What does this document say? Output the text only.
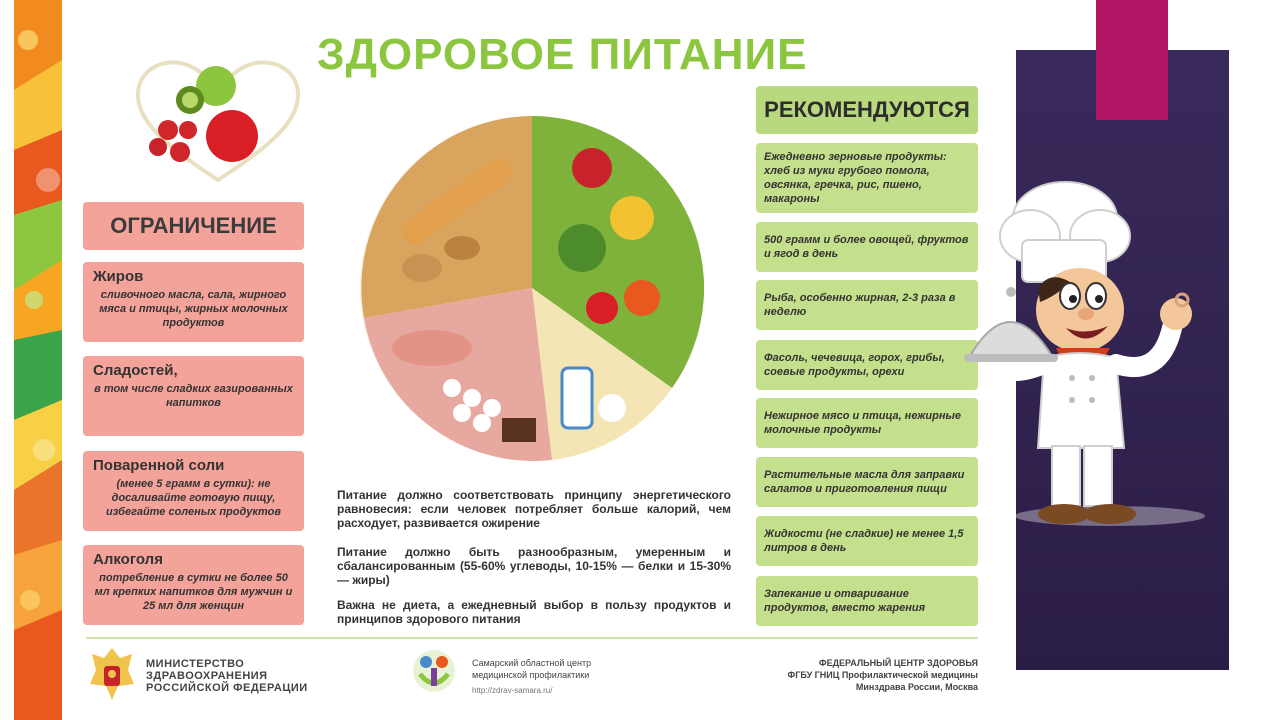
ЗДОРОВОЕ ПИТАНИЕ
ОГРАНИЧЕНИЕ
Жиров
сливочного масла, сала, жирного мяса и птицы, жирных молочных продуктов
Сладостей,
в том числе сладких газированных напитков
Поваренной соли
(менее 5 грамм в сутки): не досаливайте готовую пищу, избегайте соленых продуктов
Алкоголя
потребление в сутки не более 50 мл крепких напитков для мужчин и 25 мл для женщин
Питание должно соответствовать принципу энергетического равновесия: если человек потребляет больше калорий, чем расходует, развивается ожирение
Питание должно быть разнообразным, умеренным и сбалансированным (55-60% углеводы, 10-15% — белки и 15-30% — жиры)
Важна не диета, а ежедневный выбор в пользу продуктов и принципов здорового питания
РЕКОМЕНДУЮТСЯ
Ежедневно зерновые продукты: хлеб из муки грубого помола, овсянка, гречка, рис, пшено, макароны
500 грамм и более овощей, фруктов и ягод в день
Рыба, особенно жирная, 2-3 раза в неделю
Фасоль, чечевица, горох, грибы, соевые продукты, орехи
Нежирное мясо и птица, нежирные молочные продукты
Растительные масла для заправки салатов и приготовления пищи
Жидкости (не сладкие) не менее 1,5 литров в день
Запекание и отваривание продуктов, вместо жарения
МИНИСТЕРСТВО
ЗДРАВООХРАНЕНИЯ
РОССИЙСКОЙ ФЕДЕРАЦИИ
Самарский областной центр
медицинской профилактики
http://zdrav-samara.ru/
ФЕДЕРАЛЬНЫЙ ЦЕНТР ЗДОРОВЬЯ
ФГБУ ГНИЦ Профилактической медицины
Минздрава России, Москва
